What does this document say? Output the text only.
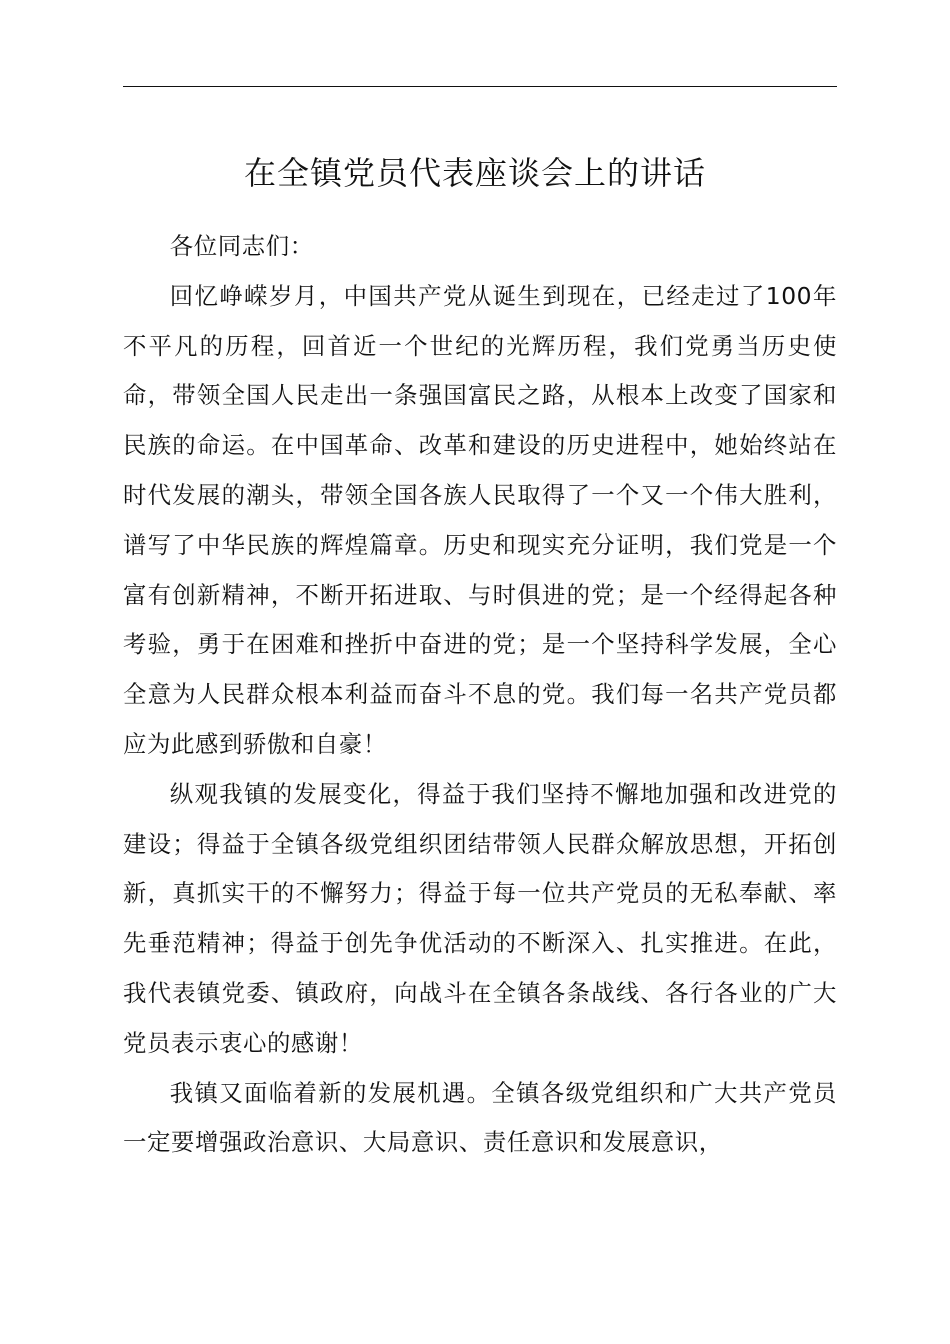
在全镇党员代表座谈会上的讲话

各位同志们：

回忆峥嵘岁月，中国共产党从诞生到现在，已经走过了100年不平凡的历程，回首近一个世纪的光辉历程，我们党勇当历史使命，带领全国人民走出一条强国富民之路，从根本上改变了国家和民族的命运。在中国革命、改革和建设的历史进程中，她始终站在时代发展的潮头，带领全国各族人民取得了一个又一个伟大胜利，谱写了中华民族的辉煌篇章。历史和现实充分证明，我们党是一个富有创新精神，不断开拓进取、与时俱进的党；是一个经得起各种考验，勇于在困难和挫折中奋进的党；是一个坚持科学发展，全心全意为人民群众根本利益而奋斗不息的党。我们每一名共产党员都应为此感到骄傲和自豪！

纵观我镇的发展变化，得益于我们坚持不懈地加强和改进党的建设；得益于全镇各级党组织团结带领人民群众解放思想，开拓创新，真抓实干的不懈努力；得益于每一位共产党员的无私奉献、率先垂范精神；得益于创先争优活动的不断深入、扎实推进。在此，我代表镇党委、镇政府，向战斗在全镇各条战线、各行各业的广大党员表示衷心的感谢！

我镇又面临着新的发展机遇。全镇各级党组织和广大共产党员一定要增强政治意识、大局意识、责任意识和发展意识，
